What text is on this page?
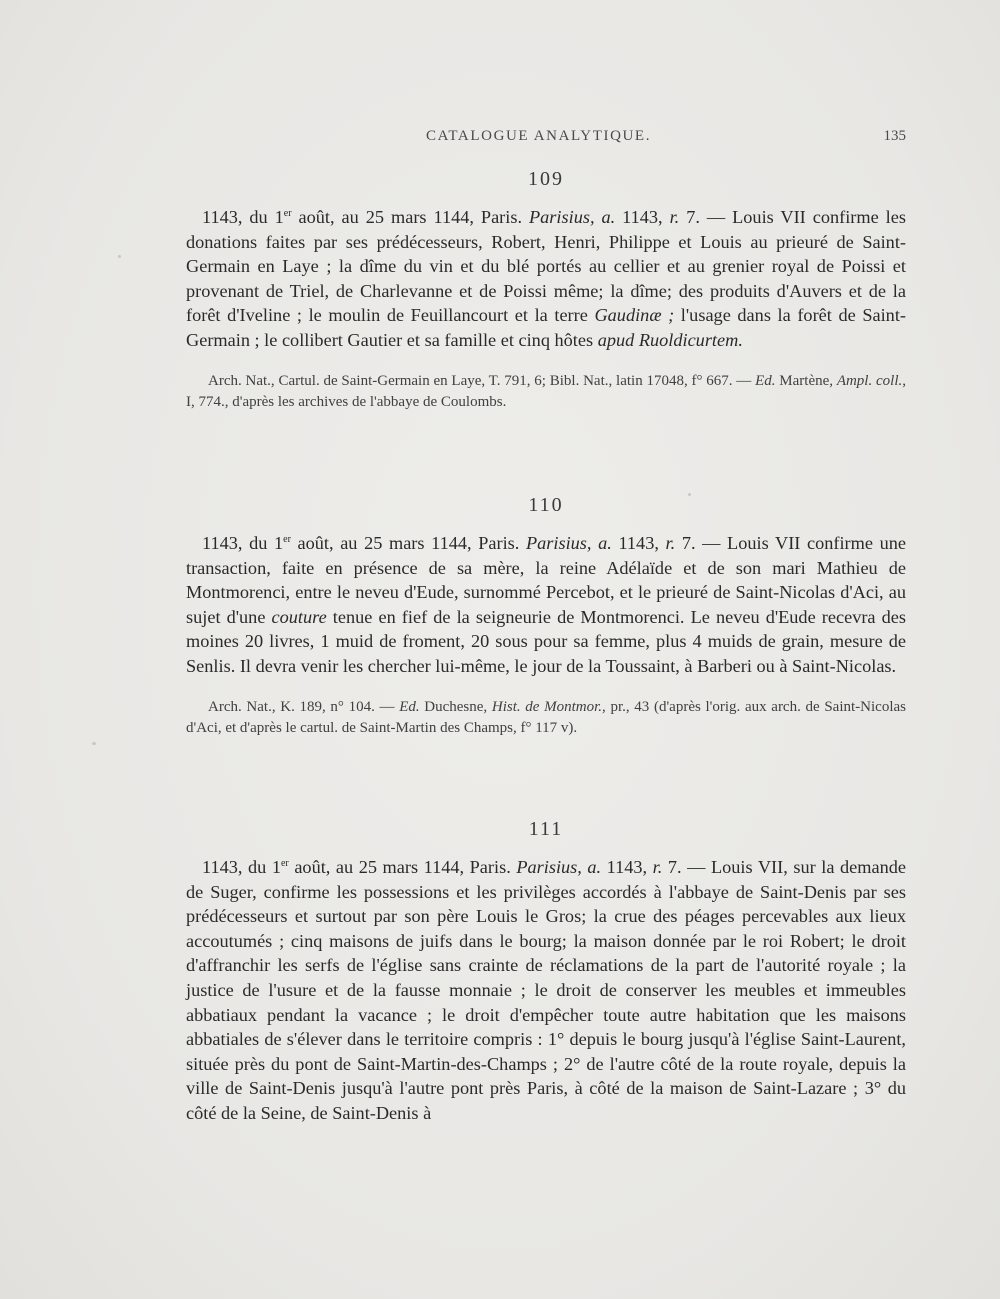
CATALOGUE ANALYTIQUE.	135
109

1143, du 1er août, au 25 mars 1144, Paris. Parisius, a. 1143, r. 7. — Louis VII confirme les donations faites par ses prédécesseurs, Robert, Henri, Philippe et Louis au prieuré de Saint-Germain en Laye ; la dîme du vin et du blé portés au cellier et au grenier royal de Poissi et provenant de Triel, de Charlevanne et de Poissi même; la dîme; des produits d'Auvers et de la forêt d'Iveline ; le moulin de Feuillancourt et la terre Gaudinæ ; l'usage dans la forêt de Saint-Germain ; le collibert Gautier et sa famille et cinq hôtes apud Ruoldicurtem.

Arch. Nat., Cartul. de Saint-Germain en Laye, T. 791, 6; Bibl. Nat., latin 17048, f° 667. — Ed. Martène, Ampl. coll., I, 774., d'après les archives de l'abbaye de Coulombs.

110

1143, du 1er août, au 25 mars 1144, Paris. Parisius, a. 1143, r. 7. — Louis VII confirme une transaction, faite en présence de sa mère, la reine Adélaïde et de son mari Mathieu de Montmorenci, entre le neveu d'Eude, surnommé Percebot, et le prieuré de Saint-Nicolas d'Aci, au sujet d'une couture tenue en fief de la seigneurie de Montmorenci. Le neveu d'Eude recevra des moines 20 livres, 1 muid de froment, 20 sous pour sa femme, plus 4 muids de grain, mesure de Senlis. Il devra venir les chercher lui-même, le jour de la Toussaint, à Barberi ou à Saint-Nicolas.

Arch. Nat., K. 189, n° 104. — Ed. Duchesne, Hist. de Montmor., pr., 43 (d'après l'orig. aux arch. de Saint-Nicolas d'Aci, et d'après le cartul. de Saint-Martin des Champs, f° 117 v).

111

1143, du 1er août, au 25 mars 1144, Paris. Parisius, a. 1143, r. 7. — Louis VII, sur la demande de Suger, confirme les possessions et les privilèges accordés à l'abbaye de Saint-Denis par ses prédécesseurs et surtout par son père Louis le Gros; la crue des péages percevables aux lieux accoutumés ; cinq maisons de juifs dans le bourg; la maison donnée par le roi Robert; le droit d'affranchir les serfs de l'église sans crainte de réclamations de la part de l'autorité royale ; la justice de l'usure et de la fausse monnaie ; le droit de conserver les meubles et immeubles abbatiaux pendant la vacance ; le droit d'empêcher toute autre habitation que les maisons abbatiales de s'élever dans le territoire compris : 1° depuis le bourg jusqu'à l'église Saint-Laurent, située près du pont de Saint-Martin-des-Champs ; 2° de l'autre côté de la route royale, depuis la ville de Saint-Denis jusqu'à l'autre pont près Paris, à côté de la maison de Saint-Lazare ; 3° du côté de la Seine, de Saint-Denis à
